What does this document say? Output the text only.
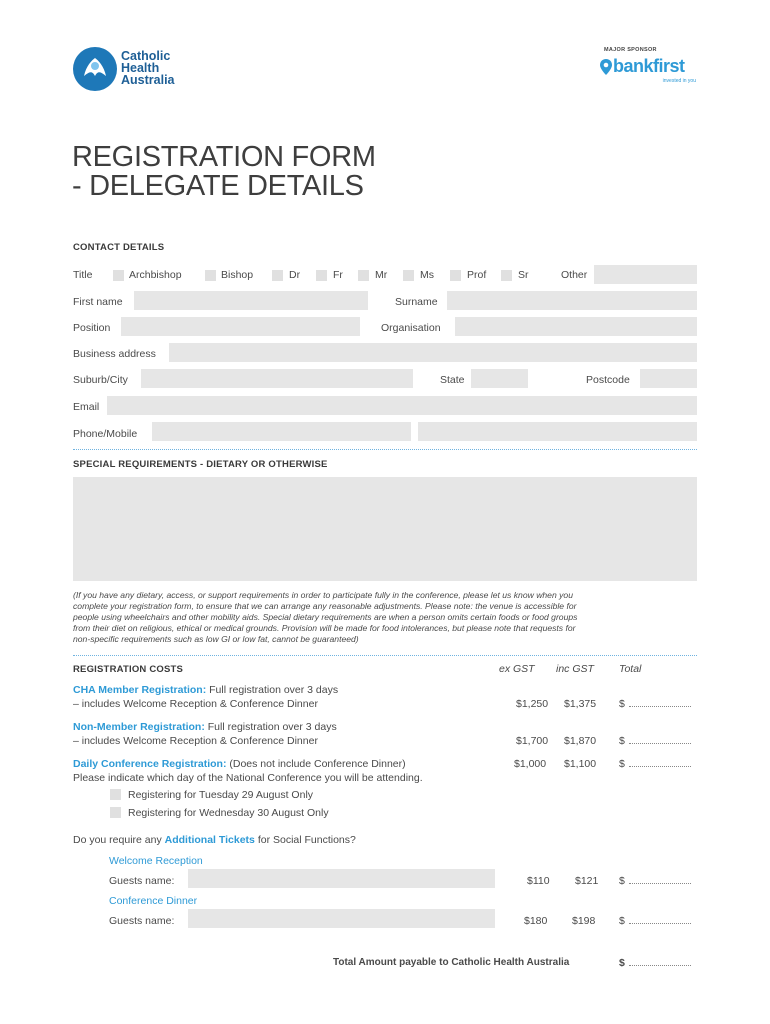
Catholic
Health
Australia
MAJOR SPONSOR
bankfirst
invested in you
REGISTRATION FORM
- DELEGATE DETAILS
CONTACT DETAILS
Title	Archbishop	Bishop	Dr	Fr	Mr	Ms	Prof	Sr	Other
First name	Surname
Position	Organisation
Business address
Suburb/City	State	Postcode
Email
Phone/Mobile
SPECIAL REQUIREMENTS - DIETARY OR OTHERWISE
(If you have any dietary, access, or support requirements in order to participate fully in the conference, please let us know when you
complete your registration form, to ensure that we can arrange any reasonable adjustments. Please note: the venue is accessible for
people using wheelchairs and other mobility aids. Special dietary requirements are when a person omits certain foods or food groups
from their diet on religious, ethical or medical grounds. Provision will be made for food intolerances, but please note that requests for
non-specific requirements such as low GI or low fat, cannot be guaranteed)
REGISTRATION COSTS	ex GST inc GST Total
CHA Member Registration: Full registration over 3 days
– includes Welcome Reception & Conference Dinner	$1,250 $1,375 $
Non-Member Registration: Full registration over 3 days
– includes Welcome Reception & Conference Dinner	$1,700 $1,870 $
Daily Conference Registration: (Does not include Conference Dinner)
Please indicate which day of the National Conference you will be attending.
$1,000 $1,100 $
Registering for Tuesday 29 August Only
Registering for Wednesday 30 August Only
Do you require any Additional Tickets for Social Functions?
Welcome Reception
Guests name:	$110 $121 $
Conference Dinner
Guests name:	$180 $198 $
Total Amount payable to Catholic Health Australia	$
